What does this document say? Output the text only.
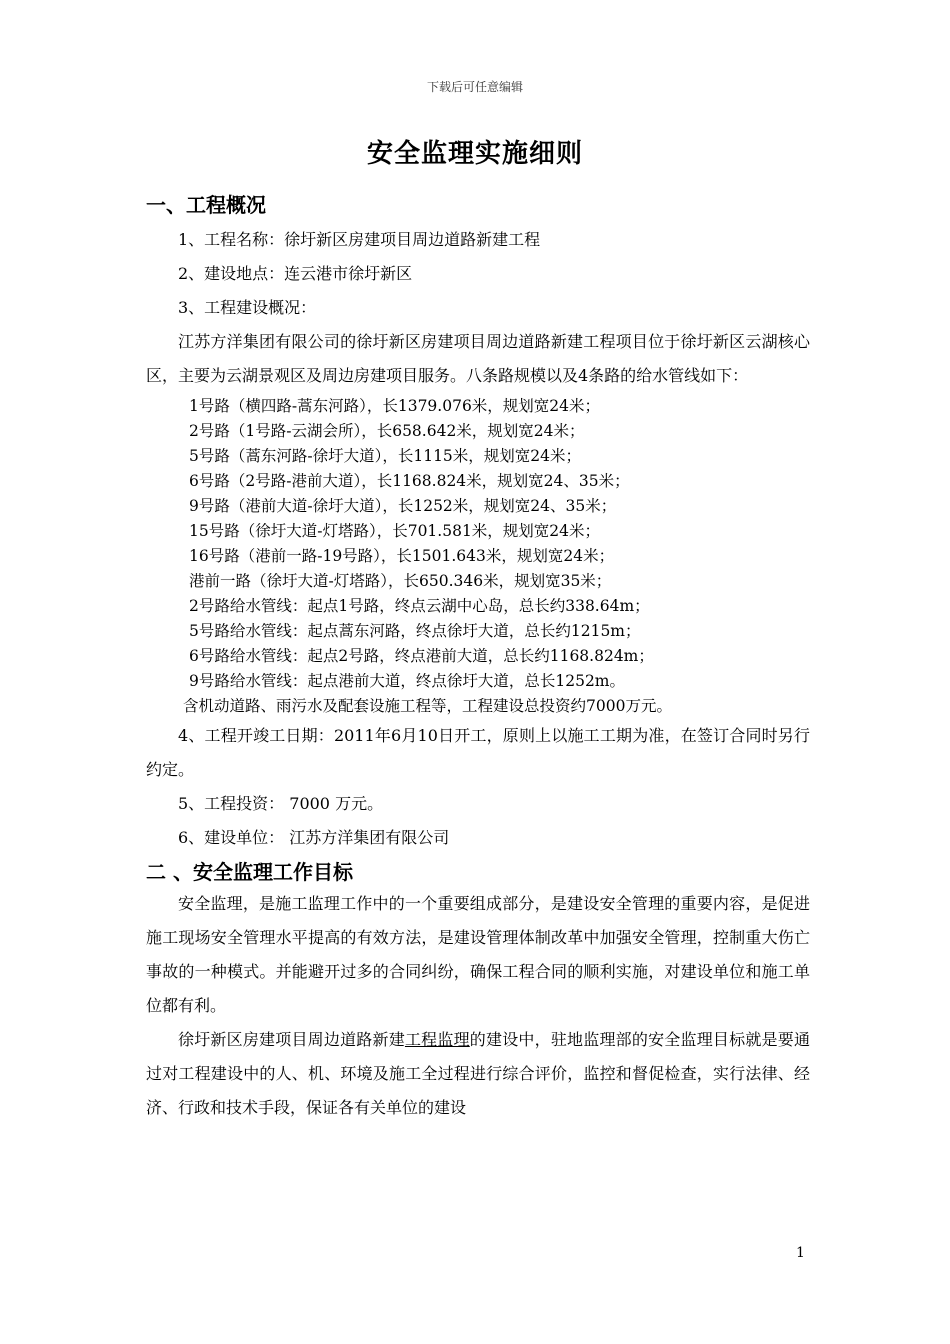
下载后可任意编辑
安全监理实施细则
一、工程概况

1、工程名称：徐圩新区房建项目周边道路新建工程

2、建设地点：连云港市徐圩新区

3、工程建设概况：

江苏方洋集团有限公司的徐圩新区房建项目周边道路新建工程项目位于徐圩新区云湖核心区，主要为云湖景观区及周边房建项目服务。八条路规模以及4条路的给水管线如下：

1号路（横四路-蒿东河路），长1379.076米，规划宽24米；
2号路（1号路-云湖会所），长658.642米，规划宽24米；
5号路（蒿东河路-徐圩大道），长1115米，规划宽24米；
6号路（2号路-港前大道），长1168.824米，规划宽24、35米；
9号路（港前大道-徐圩大道），长1252米，规划宽24、35米；
15号路（徐圩大道-灯塔路），长701.581米，规划宽24米；
16号路（港前一路-19号路），长1501.643米，规划宽24米；
港前一路（徐圩大道-灯塔路），长650.346米，规划宽35米；
2号路给水管线：起点1号路，终点云湖中心岛，总长约338.64m；
5号路给水管线：起点蒿东河路，终点徐圩大道，总长约1215m；
6号路给水管线：起点2号路，终点港前大道，总长约1168.824m；
9号路给水管线：起点港前大道，终点徐圩大道，总长1252m。
含机动道路、雨污水及配套设施工程等，工程建设总投资约7000万元。

4、工程开竣工日期：2011年6月10日开工，原则上以施工工期为准，在签订合同时另行约定。

5、工程投资： 7000 万元。

6、建设单位： 江苏方洋集团有限公司

二 、安全监理工作目标

安全监理，是施工监理工作中的一个重要组成部分，是建设安全管理的重要内容，是促进施工现场安全管理水平提高的有效方法，是建设管理体制改革中加强安全管理，控制重大伤亡事故的一种模式。并能避开过多的合同纠纷，确保工程合同的顺利实施，对建设单位和施工单位都有利。

徐圩新区房建项目周边道路新建工程监理的建设中，驻地监理部的安全监理目标就是要通过对工程建设中的人、机、环境及施工全过程进行综合评价，监控和督促检查，实行法律、经济、行政和技术手段，保证各有关单位的建设

1
